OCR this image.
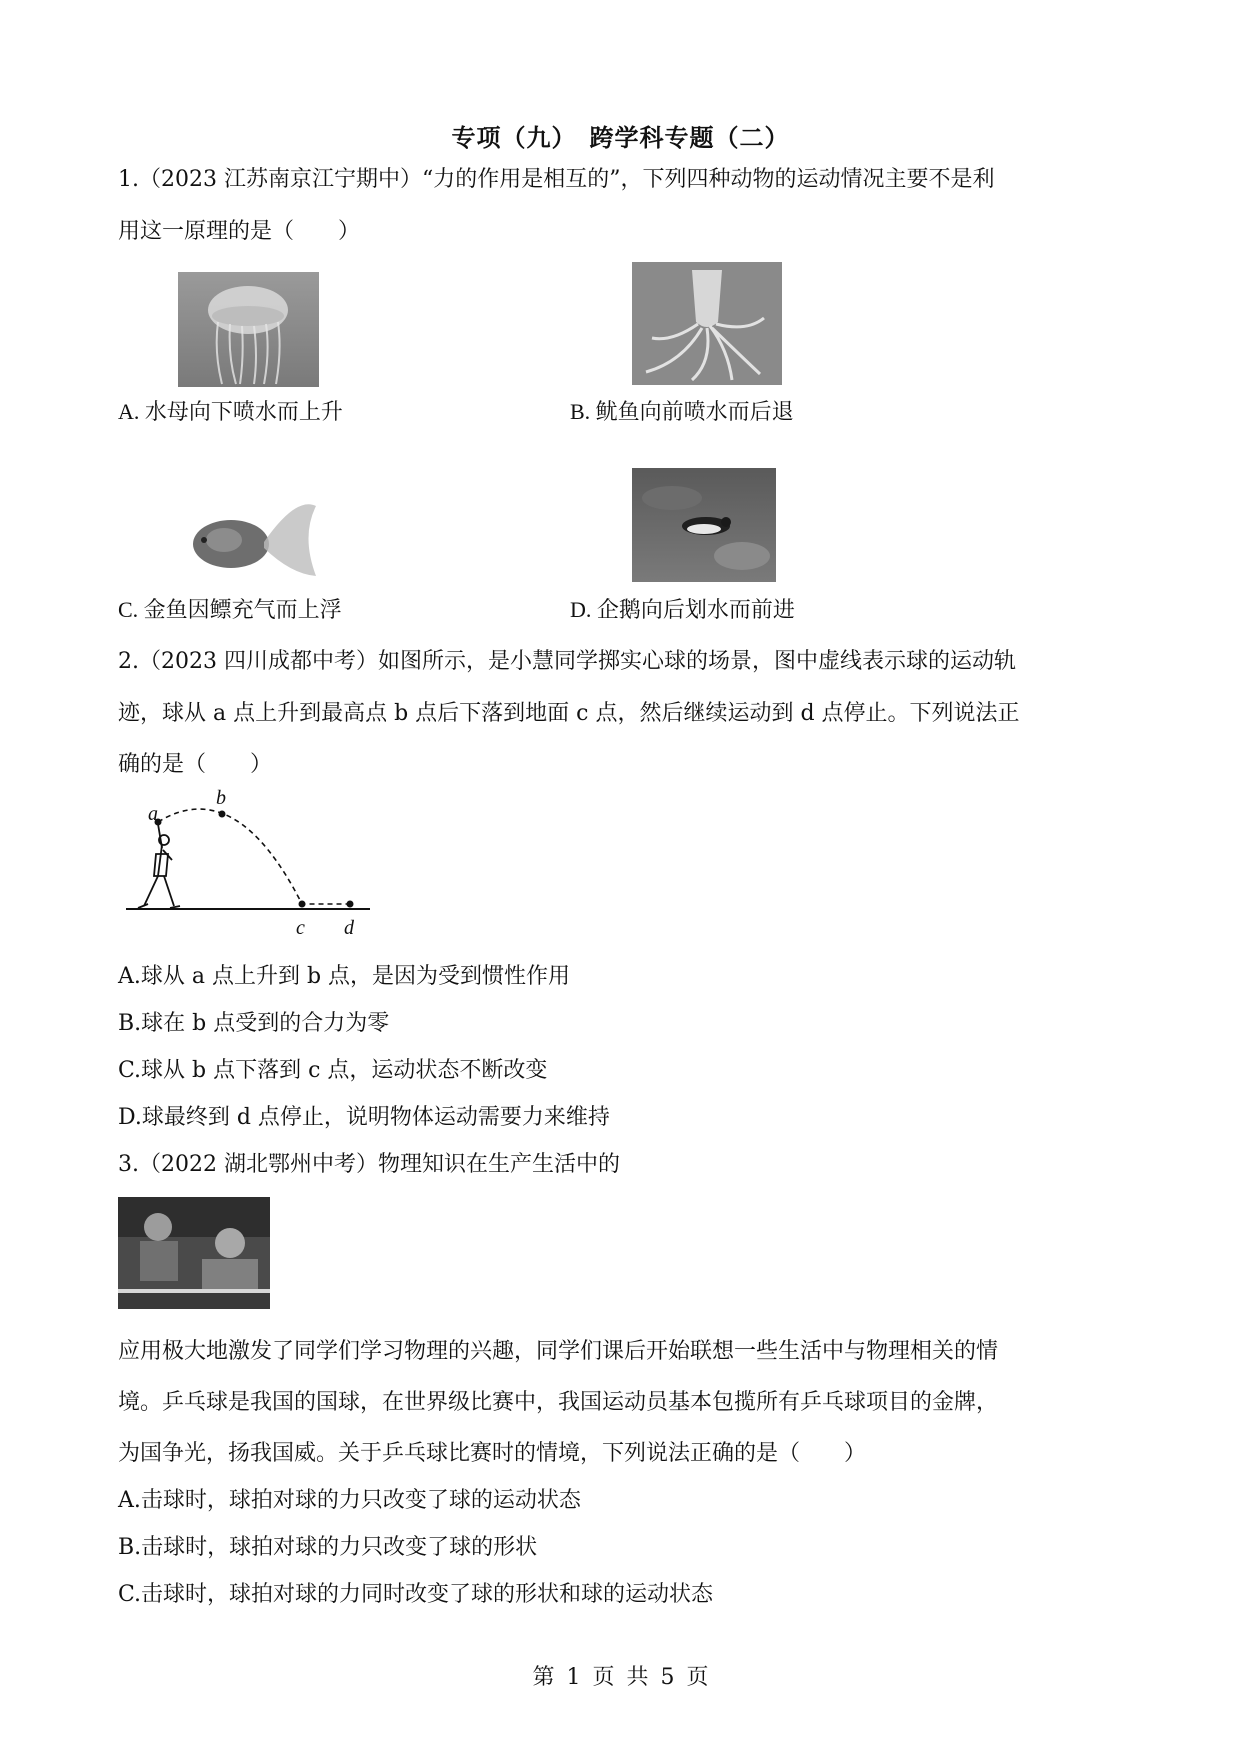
专项（九）　跨学科专题（二）
1.（2023 江苏南京江宁期中）“力的作用是相互的”，下列四种动物的运动情况主要不是利
用这一原理的是（　　）
A. 水母向下喷水而上升	B. 鱿鱼向前喷水而后退
C. 金鱼因鳔充气而上浮	D. 企鹅向后划水而前进
2.（2023 四川成都中考）如图所示，是小慧同学掷实心球的场景，图中虚线表示球的运动轨
迹，球从 a 点上升到最高点 b 点后下落到地面 c 点，然后继续运动到 d 点停止。下列说法正
确的是（　　）
a
b
c d
A.球从 a 点上升到 b 点，是因为受到惯性作用
B.球在 b 点受到的合力为零
C.球从 b 点下落到 c 点，运动状态不断改变
D.球最终到 d 点停止，说明物体运动需要力来维持
3.（2022 湖北鄂州中考）物理知识在生产生活中的
应用极大地激发了同学们学习物理的兴趣，同学们课后开始联想一些生活中与物理相关的情
境。乒乓球是我国的国球，在世界级比赛中，我国运动员基本包揽所有乒乓球项目的金牌，
为国争光，扬我国威。关于乒乓球比赛时的情境，下列说法正确的是（　　）
A.击球时，球拍对球的力只改变了球的运动状态
B.击球时，球拍对球的力只改变了球的形状
C.击球时，球拍对球的力同时改变了球的形状和球的运动状态
第 1 页 共 5 页
